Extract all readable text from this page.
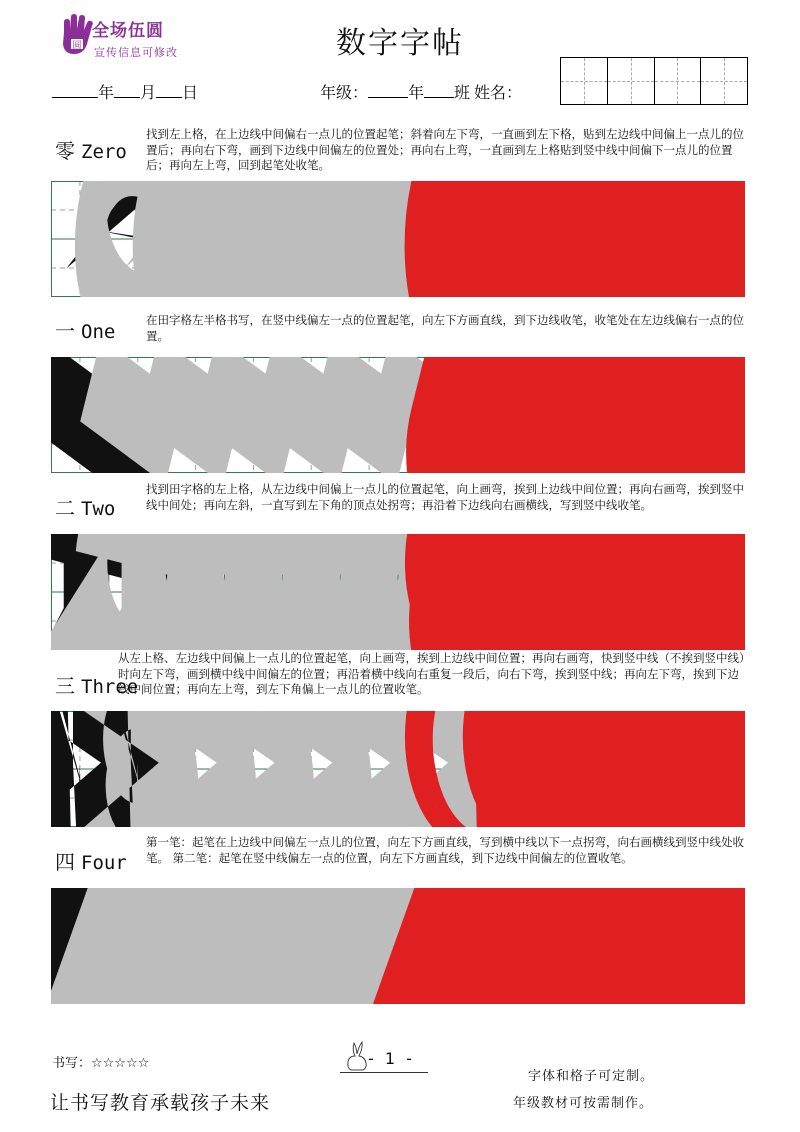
圆
全场伍圆
宣传信息可修改	数字字帖
年 月 日	年级：	年 班 姓名：
零 Zero
找到左上格，在上边线中间偏右一点儿的位置起笔；斜着向左下弯，一直画到左下格，贴到左边线中间偏上一点儿的位置后；再向右下弯，画到下边线中间偏左的位置处；再向右上弯，一直画到左上格贴到竖中线中间偏下一点儿的位置后；再向左上弯，回到起笔处收笔。
一 One
在田字格左半格书写，在竖中线偏左一点的位置起笔，向左下方画直线，到下边线收笔，收笔处在左边线偏右一点的位置。
二 Two
找到田字格的左上格，从左边线中间偏上一点儿的位置起笔，向上画弯，挨到上边线中间位置；再向右画弯，挨到竖中线中间处；再向左斜，一直写到左下角的顶点处拐弯；再沿着下边线向右画横线，写到竖中线收笔。
三 Three
从左上格、左边线中间偏上一点儿的位置起笔，向上画弯，挨到上边线中间位置；再向右画弯，快到竖中线（不挨到竖中线）时向左下弯，画到横中线中间偏左的位置；再沿着横中线向右重复一段后，向右下弯，挨到竖中线；再向左下弯，挨到下边线中间位置；再向左上弯，到左下角偏上一点儿的位置收笔。
四 Four
第一笔：起笔在上边线中间偏左一点儿的位置，向左下方画直线，写到横中线以下一点拐弯，向右画横线到竖中线处收笔。 第二笔：起笔在竖中线偏左一点的位置，向左下方画直线，到下边线中间偏左的位置收笔。
书写：☆☆☆☆☆	- 1 -
让书写教育承载孩子未来
字体和格子可定制。
年级教材可按需制作。
